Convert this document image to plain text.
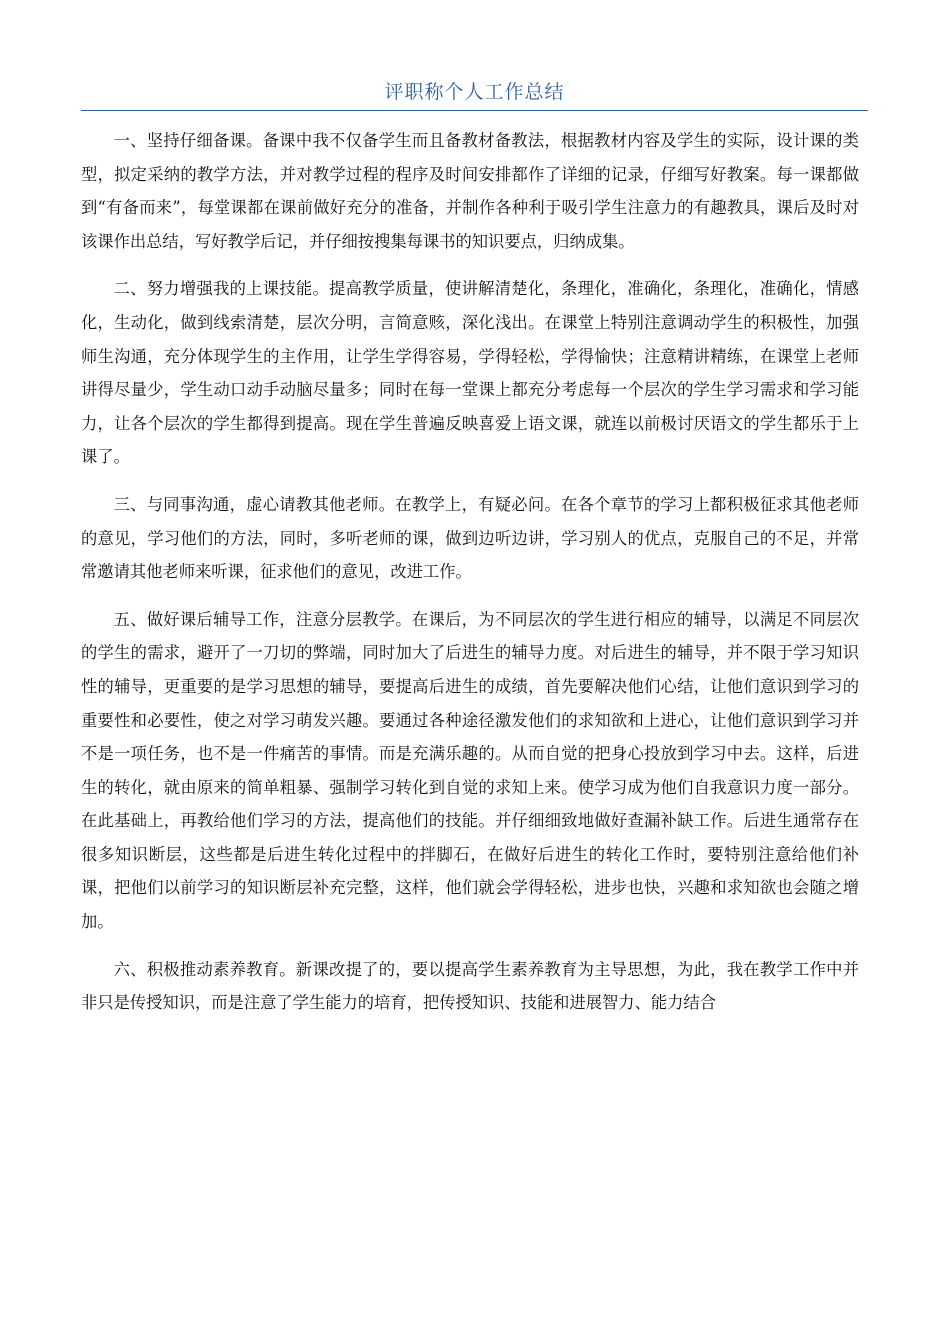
评职称个人工作总结

一、坚持仔细备课。备课中我不仅备学生而且备教材备教法，根据教材内容及学生的实际，设计课的类型，拟定采纳的教学方法，并对教学过程的程序及时间安排都作了详细的记录，仔细写好教案。每一课都做到“有备而来”，每堂课都在课前做好充分的准备，并制作各种利于吸引学生注意力的有趣教具，课后及时对该课作出总结，写好教学后记，并仔细按搜集每课书的知识要点，归纳成集。

二、努力增强我的上课技能。提高教学质量，使讲解清楚化，条理化，准确化，条理化，准确化，情感化，生动化，做到线索清楚，层次分明，言简意赅，深化浅出。在课堂上特别注意调动学生的积极性，加强师生沟通，充分体现学生的主作用，让学生学得容易，学得轻松，学得愉快；注意精讲精练，在课堂上老师讲得尽量少，学生动口动手动脑尽量多；同时在每一堂课上都充分考虑每一个层次的学生学习需求和学习能力，让各个层次的学生都得到提高。现在学生普遍反映喜爱上语文课，就连以前极讨厌语文的学生都乐于上课了。

三、与同事沟通，虚心请教其他老师。在教学上，有疑必问。在各个章节的学习上都积极征求其他老师的意见，学习他们的方法，同时，多听老师的课，做到边听边讲，学习别人的优点，克服自己的不足，并常常邀请其他老师来听课，征求他们的意见，改进工作。

五、做好课后辅导工作，注意分层教学。在课后，为不同层次的学生进行相应的辅导，以满足不同层次的学生的需求，避开了一刀切的弊端，同时加大了后进生的辅导力度。对后进生的辅导，并不限于学习知识性的辅导，更重要的是学习思想的辅导，要提高后进生的成绩，首先要解决他们心结，让他们意识到学习的重要性和必要性，使之对学习萌发兴趣。要通过各种途径激发他们的求知欲和上进心，让他们意识到学习并不是一项任务，也不是一件痛苦的事情。而是充满乐趣的。从而自觉的把身心投放到学习中去。这样，后进生的转化，就由原来的简单粗暴、强制学习转化到自觉的求知上来。使学习成为他们自我意识力度一部分。在此基础上，再教给他们学习的方法，提高他们的技能。并仔细细致地做好查漏补缺工作。后进生通常存在很多知识断层，这些都是后进生转化过程中的拌脚石，在做好后进生的转化工作时，要特别注意给他们补课，把他们以前学习的知识断层补充完整，这样，他们就会学得轻松，进步也快，兴趣和求知欲也会随之增加。

六、积极推动素养教育。新课改提了的，要以提高学生素养教育为主导思想，为此，我在教学工作中并非只是传授知识，而是注意了学生能力的培育，把传授知识、技能和进展智力、能力结合
